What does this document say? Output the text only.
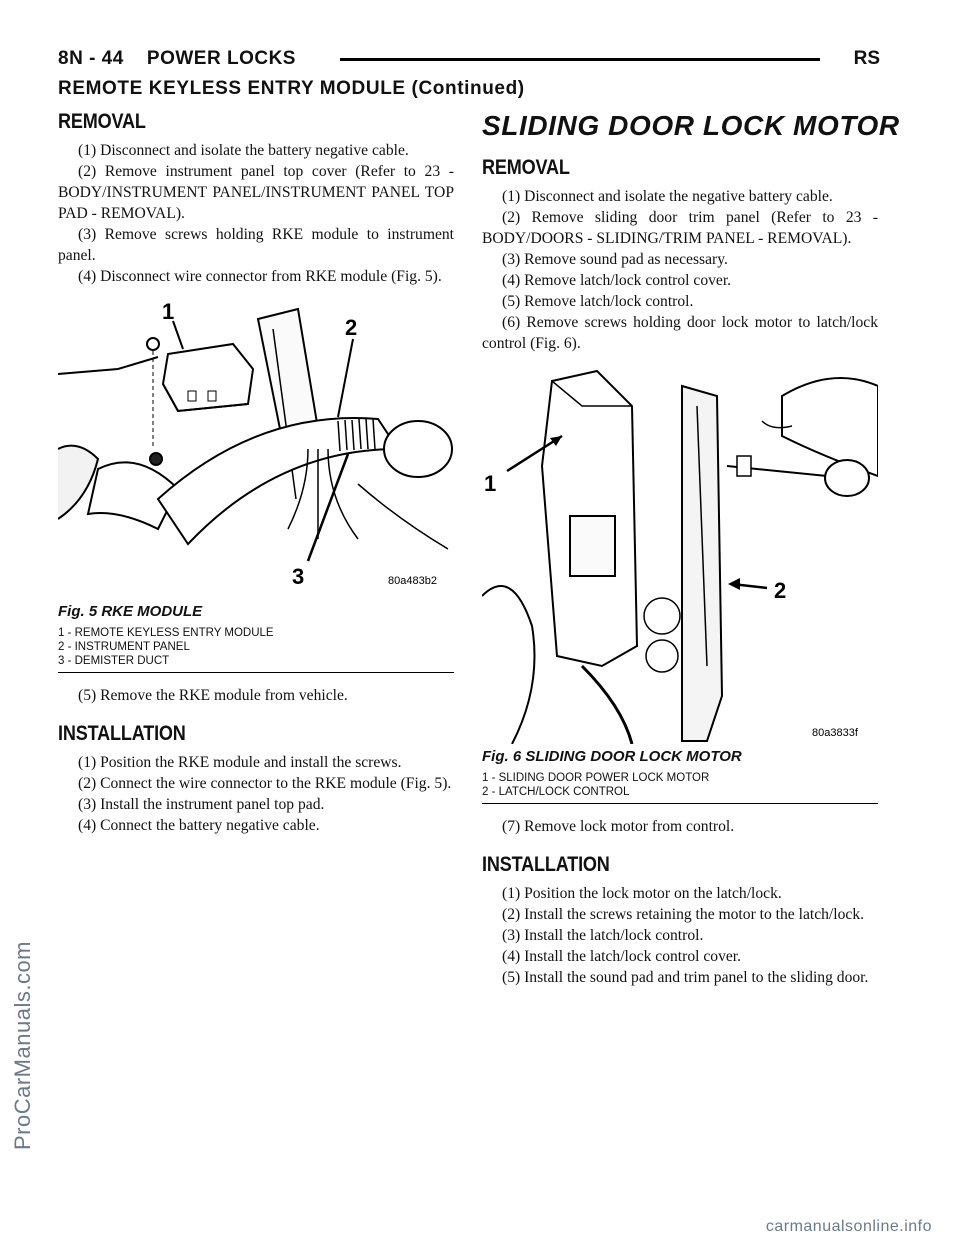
8N - 44    POWER LOCKS	RS
REMOTE KEYLESS ENTRY MODULE (Continued)
REMOVAL

(1) Disconnect and isolate the battery negative cable.

(2) Remove instrument panel top cover (Refer to 23 - BODY/INSTRUMENT PANEL/INSTRUMENT PANEL TOP PAD - REMOVAL).

(3) Remove screws holding RKE module to instrument panel.

(4) Disconnect wire connector from RKE module (Fig. 5).

1
2
3	80a483b2
Fig. 5 RKE MODULE
1 - REMOTE KEYLESS ENTRY MODULE
2 - INSTRUMENT PANEL
3 - DEMISTER DUCT

(5) Remove the RKE module from vehicle.

INSTALLATION

(1) Position the RKE module and install the screws.

(2) Connect the wire connector to the RKE module (Fig. 5).

(3) Install the instrument panel top pad.

(4) Connect the battery negative cable.

SLIDING DOOR LOCK MOTOR
REMOVAL

(1) Disconnect and isolate the negative battery cable.

(2) Remove sliding door trim panel (Refer to 23 - BODY/DOORS - SLIDING/TRIM PANEL - REMOVAL).

(3) Remove sound pad as necessary.

(4) Remove latch/lock control cover.

(5) Remove latch/lock control.

(6) Remove screws holding door lock motor to latch/lock control (Fig. 6).

1
2
80a3833f
Fig. 6 SLIDING DOOR LOCK MOTOR
1 - SLIDING DOOR POWER LOCK MOTOR
2 - LATCH/LOCK CONTROL

(7) Remove lock motor from control.

INSTALLATION

(1) Position the lock motor on the latch/lock.

(2) Install the screws retaining the motor to the latch/lock.

(3) Install the latch/lock control.

(4) Install the latch/lock control cover.

(5) Install the sound pad and trim panel to the sliding door.

ProCarManuals.com
carmanualsonline.info
